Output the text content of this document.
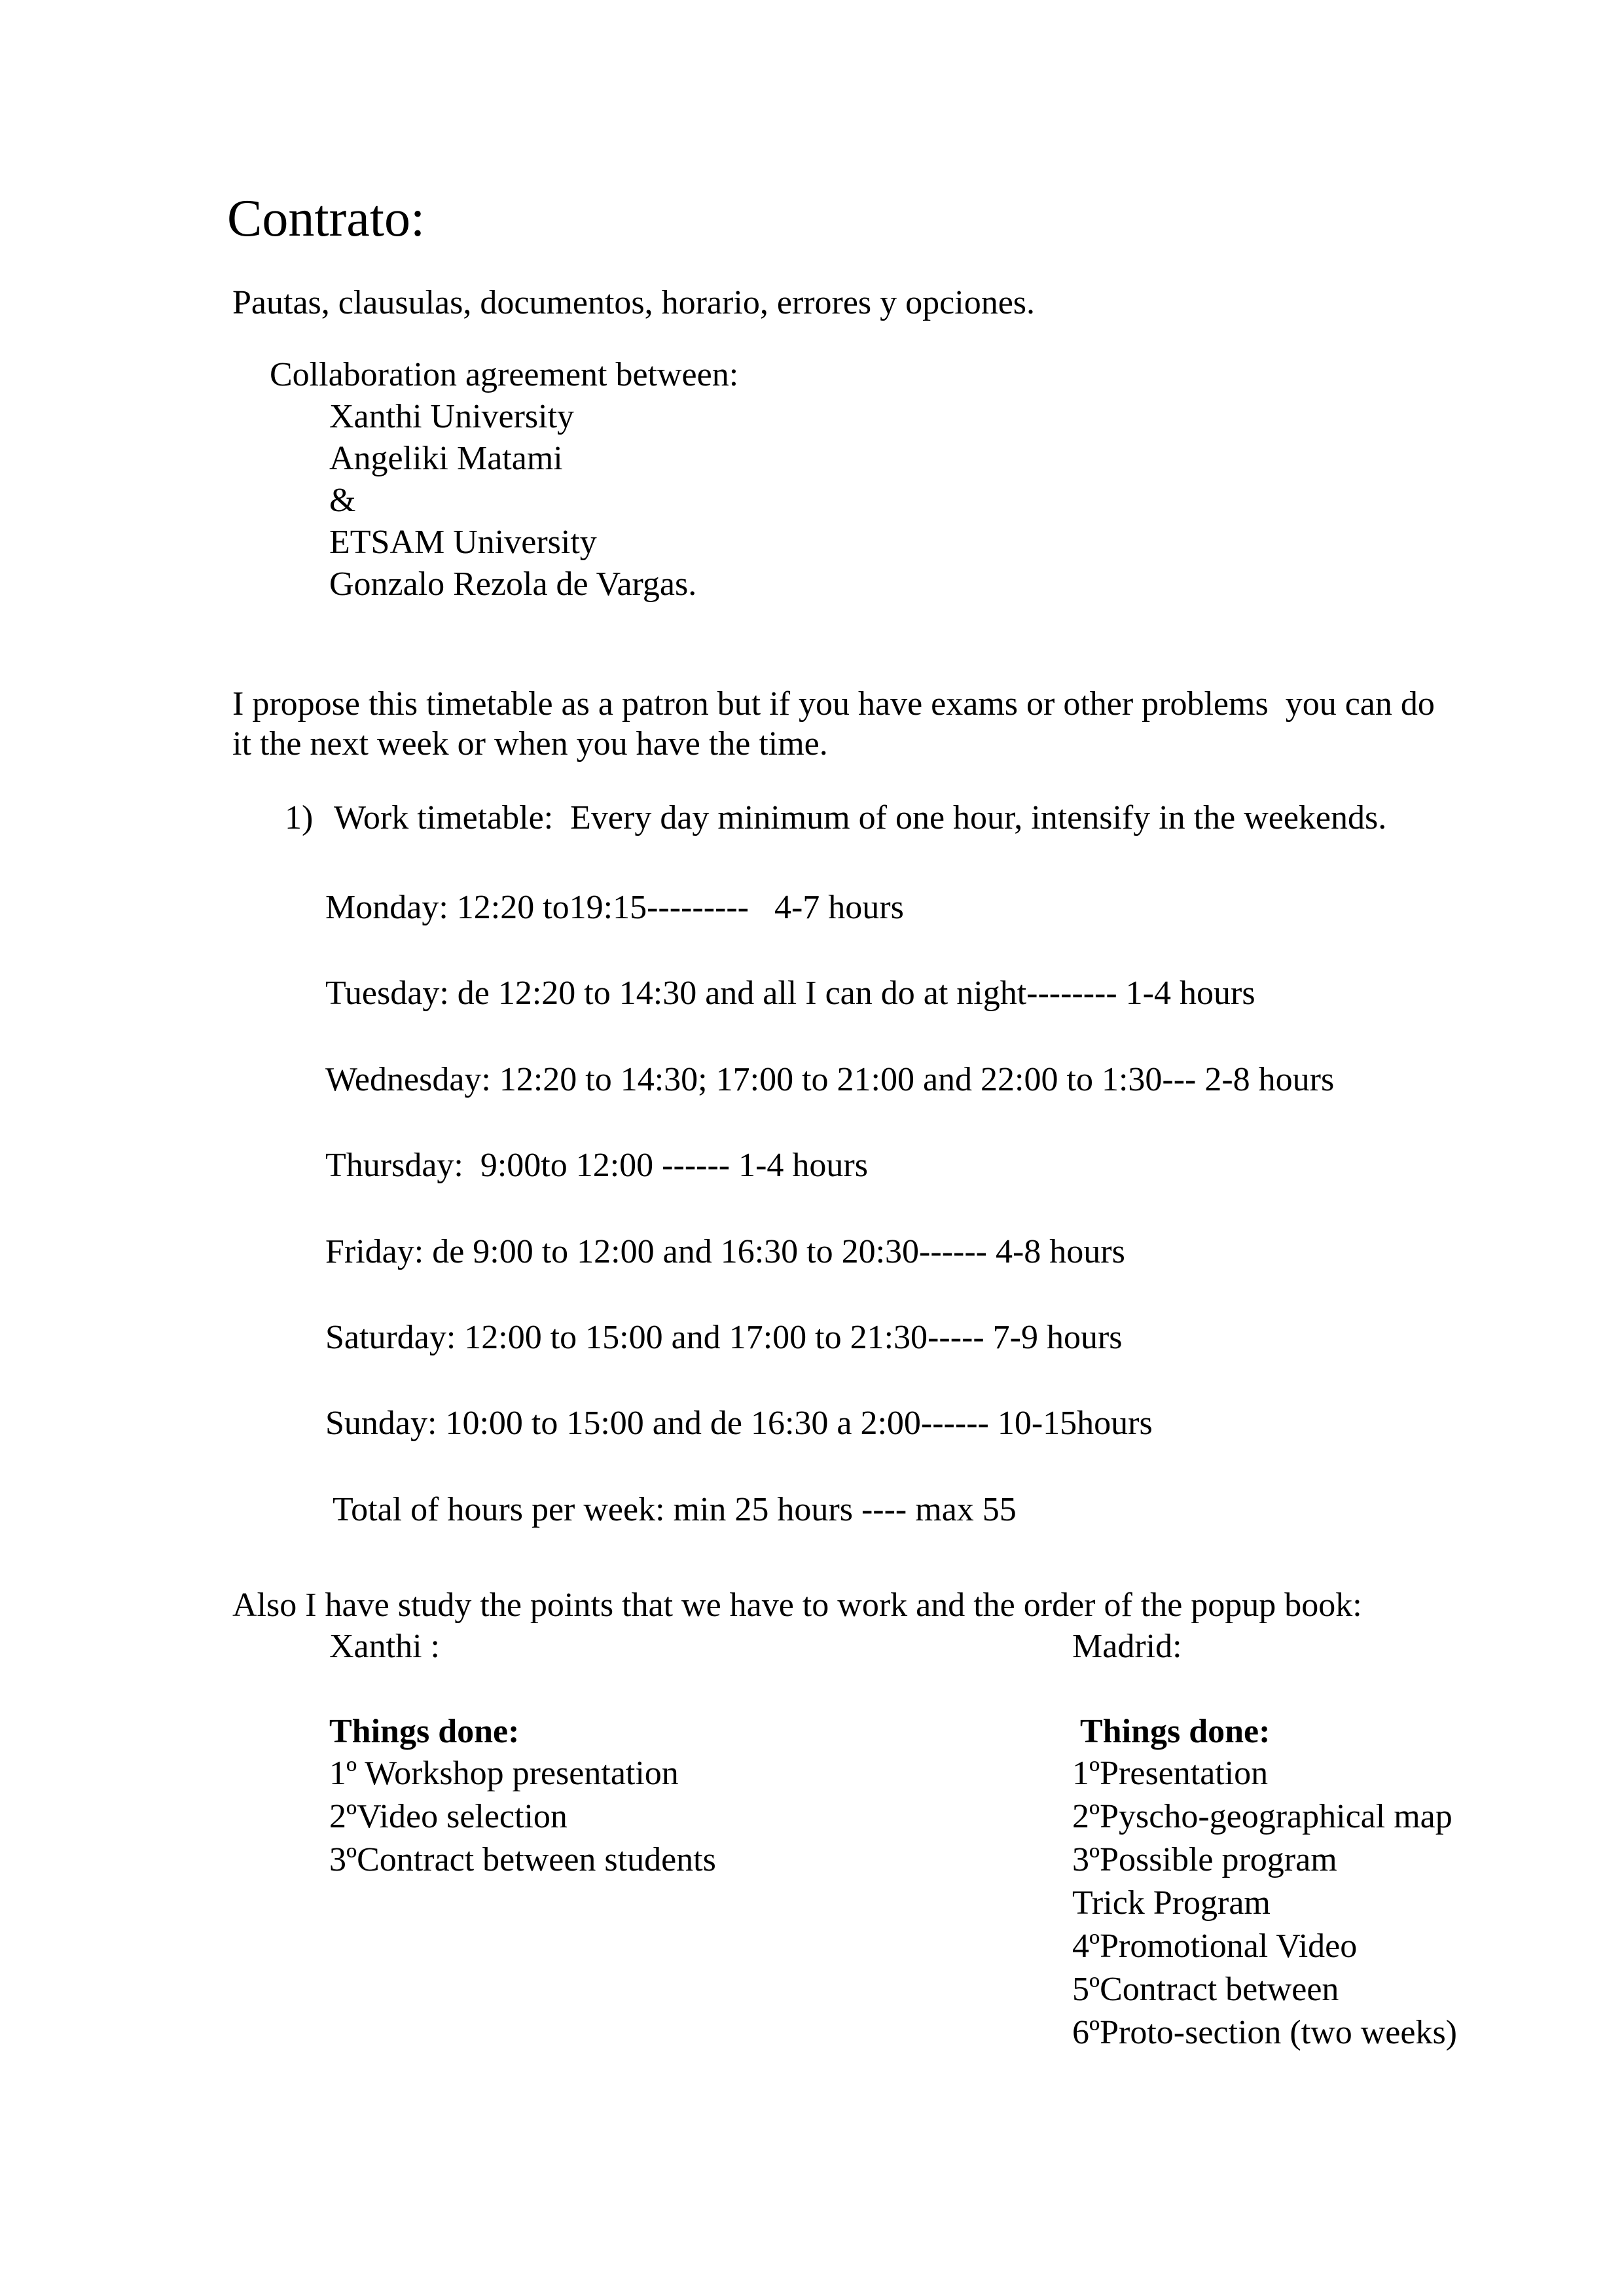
Contrato:
Pautas, clausulas, documentos, horario, errores y opciones.
Collaboration agreement between:
Xanthi University
Angeliki Matami
&
ETSAM University
Gonzalo Rezola de Vargas.
I propose this timetable as a patron but if you have exams or other problems  you can do
it the next week or when you have the time.
1) Work timetable:  Every day minimum of one hour, intensify in the weekends.
Monday: 12:20 to19:15---------   4-7 hours
Tuesday: de 12:20 to 14:30 and all I can do at night-------- 1-4 hours
Wednesday: 12:20 to 14:30; 17:00 to 21:00 and 22:00 to 1:30--- 2-8 hours
Thursday:  9:00to 12:00 ------ 1-4 hours
Friday: de 9:00 to 12:00 and 16:30 to 20:30------ 4-8 hours
Saturday: 12:00 to 15:00 and 17:00 to 21:30----- 7-9 hours
Sunday: 10:00 to 15:00 and de 16:30 a 2:00------ 10-15hours
Total of hours per week: min 25 hours ---- max 55
Also I have study the points that we have to work and the order of the popup book:
Xanthi :	Madrid:
Things done:	Things done:
1º Workshop presentation
2ºVideo selection
3ºContract between students
1ºPresentation
2ºPyscho-geographical map
3ºPossible program
Trick Program
4ºPromotional Video
5ºContract between
6ºProto-section (two weeks)
